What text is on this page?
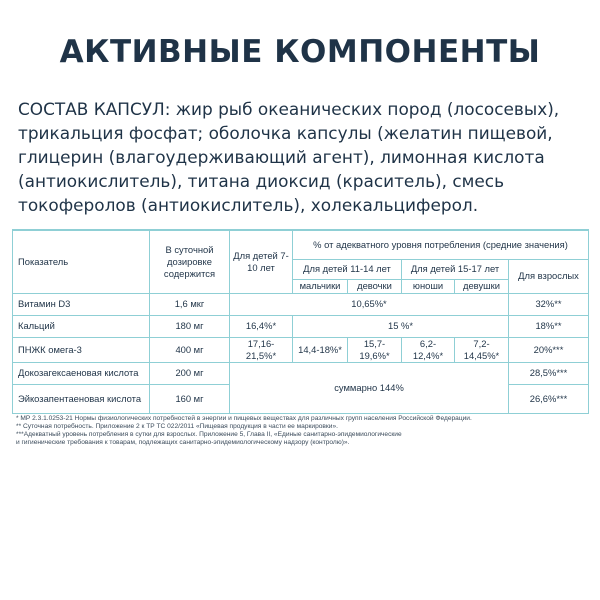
АКТИВНЫЕ КОМПОНЕНТЫ
СОСТАВ КАПСУЛ: жир рыб океанических пород (лососевых),
трикальция фосфат; оболочка капсулы (желатин пищевой,
глицерин (влагоудерживающий агент), лимонная кислота
(антиокислитель), титана диоксид (краситель), смесь
токоферолов (антиокислитель), холекальциферол.
Показатель	В суточной дозировке содержится	Для детей 7-10 лет	% от адекватного уровня потребления (средние значения)				
			Для детей 11-14 лет		Для детей 15-17 лет		Для взрослых
			мальчики	девочки	юноши	девушки	
Витамин D3	1,6 мкг	10,65%*					32%**
Кальций	180 мг	16,4%*	15 %*				18%**
ПНЖК омега-3	400 мг	17,16-21,5%*	14,4-18%*	15,7-19,6%*	6,2-12,4%*	7,2-14,45%*	20%***
Докозагексаеновая кислота	200 мг	суммарно 144%					28,5%***
Эйкозапентаеновая кислота	160 мг						26,6%***
* МР 2.3.1.0253-21 Нормы физиологических потребностей в энергии и пищевых веществах для различных групп населения Российской Федерации.
** Суточная потребность. Приложение 2 к ТР ТС 022/2011 «Пищевая продукция в части ее маркировки».
***Адекватный уровень потребления в сутки для взрослых. Приложение 5, Глава II, «Единые санитарно-эпидемиологические
и гигиенические требования к товарам, подлежащих санитарно-эпидемиологическому надзору (контролю)».
